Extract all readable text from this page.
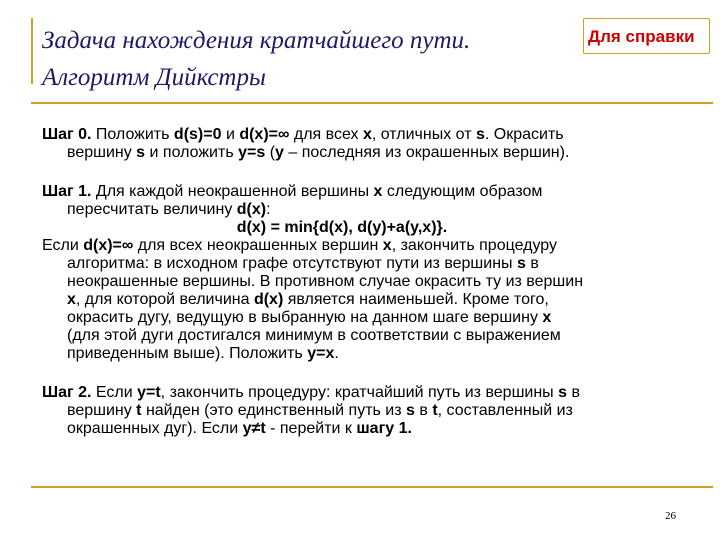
Задача нахождения кратчайшего пути.
Алгоритм Дийкстры
Для справки
Шаг 0. Положить d(s)=0 и d(x)=∞ для всех x, отличных от s. Окрасить
вершину s и положить y=s (y – последняя из окрашенных вершин).
Шаг 1. Для каждой неокрашенной вершины x следующим образом
пересчитать величину d(x):
d(x) = min{d(x), d(y)+a(y,x)}.
Если d(x)=∞ для всех неокрашенных вершин x, закончить процедуру
алгоритма: в исходном графе отсутствуют пути из вершины s в
неокрашенные вершины. В противном случае окрасить ту из вершин
x, для которой величина d(x) является наименьшей. Кроме того,
окрасить дугу, ведущую в выбранную на данном шаге вершину x
(для этой дуги достигался минимум в соответствии с выражением
приведенным выше). Положить y=x.
Шаг 2. Если y=t, закончить процедуру: кратчайший путь из вершины s в
вершину t найден (это единственный путь из s в t, составленный из
окрашенных дуг). Если y≠t - перейти к шагу 1.
26
